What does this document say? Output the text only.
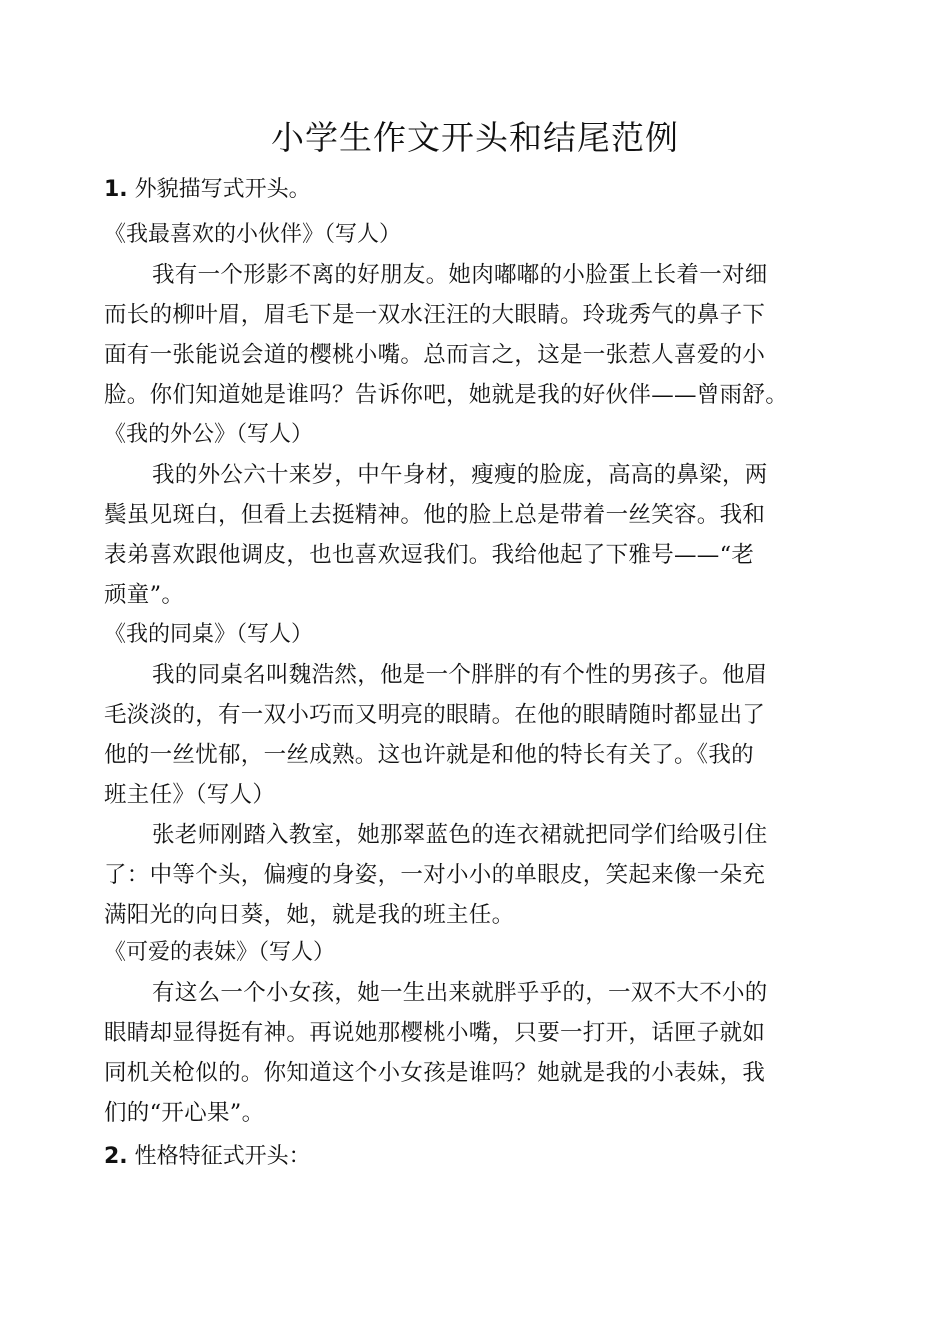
小学生作文开头和结尾范例
1. 外貌描写式开头。
《我最喜欢的小伙伴》（写人）
我有一个形影不离的好朋友。她肉嘟嘟的小脸蛋上长着一对细
而长的柳叶眉，眉毛下是一双水汪汪的大眼睛。玲珑秀气的鼻子下
面有一张能说会道的樱桃小嘴。总而言之，这是一张惹人喜爱的小
脸。你们知道她是谁吗？告诉你吧，她就是我的好伙伴——曾雨舒。
《我的外公》（写人）
我的外公六十来岁，中午身材，瘦瘦的脸庞，高高的鼻梁，两
鬓虽见斑白，但看上去挺精神。他的脸上总是带着一丝笑容。我和
表弟喜欢跟他调皮，也也喜欢逗我们。我给他起了下雅号——“老
顽童”。
《我的同桌》（写人）
我的同桌名叫魏浩然，他是一个胖胖的有个性的男孩子。他眉
毛淡淡的，有一双小巧而又明亮的眼睛。在他的眼睛随时都显出了
他的一丝忧郁，一丝成熟。这也许就是和他的特长有关了。《我的
班主任》（写人）
张老师刚踏入教室，她那翠蓝色的连衣裙就把同学们给吸引住
了：中等个头，偏瘦的身姿，一对小小的单眼皮，笑起来像一朵充
满阳光的向日葵，她，就是我的班主任。
《可爱的表妹》（写人）
有这么一个小女孩，她一生出来就胖乎乎的，一双不大不小的
眼睛却显得挺有神。再说她那樱桃小嘴，只要一打开，话匣子就如
同机关枪似的。你知道这个小女孩是谁吗？她就是我的小表妹，我
们的“开心果”。
2. 性格特征式开头：
